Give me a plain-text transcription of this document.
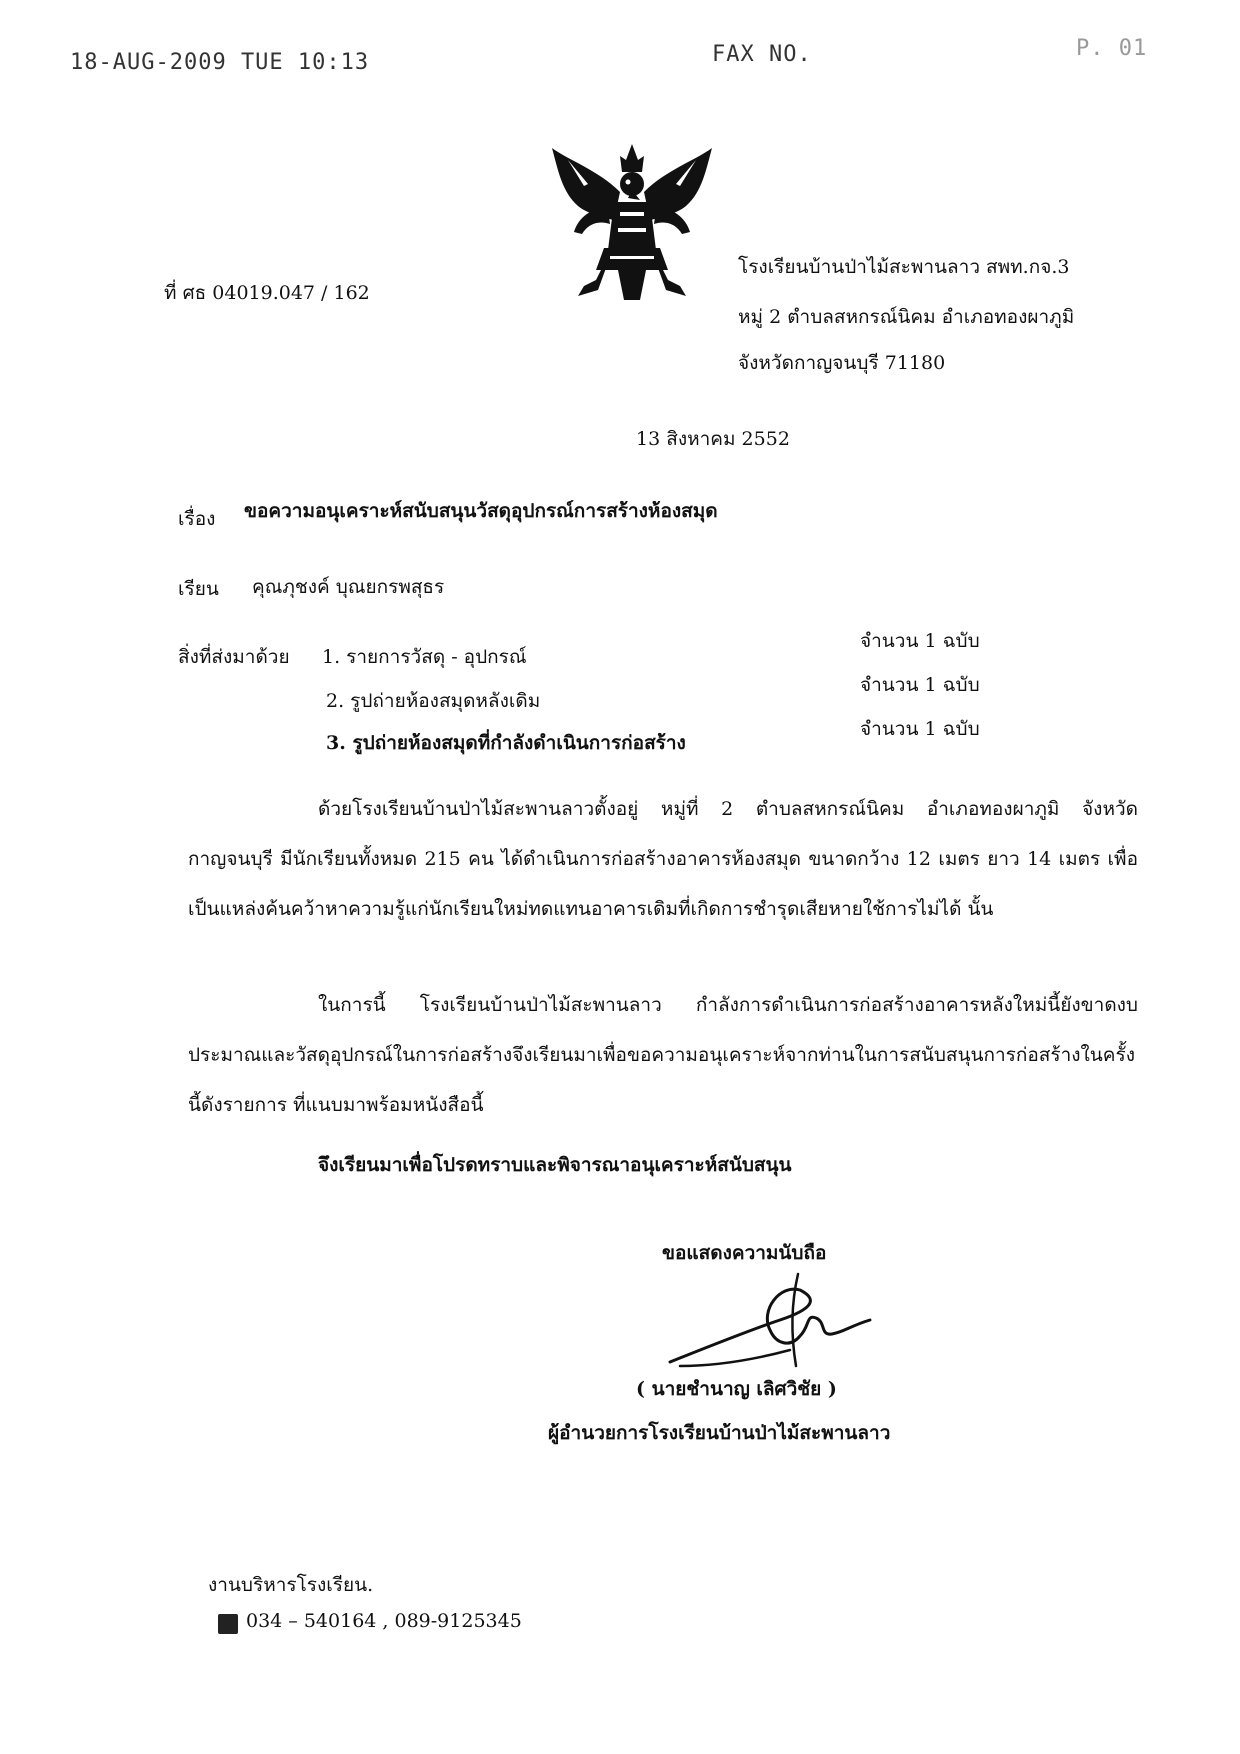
18-AUG-2009 TUE 10:13	FAX NO.	P. 01
ที่ ศธ 04019.047 / 162
โรงเรียนบ้านป่าไม้สะพานลาว สพท.กจ.3
หมู่ 2 ตำบลสหกรณ์นิคม อำเภอทองผาภูมิ
จังหวัดกาญจนบุรี 71180
13 สิงหาคม 2552
เรื่อง ขอความอนุเคราะห์สนับสนุนวัสดุอุปกรณ์การสร้างห้องสมุด
เรียน คุณภุชงค์ บุณยกรพสุธร
สิ่งที่ส่งมาด้วย 1. รายการวัสดุ - อุปกรณ์
จำนวน 1 ฉบับ
2. รูปถ่ายห้องสมุดหลังเดิม
จำนวน 1 ฉบับ
3. รูปถ่ายห้องสมุดที่กำลังดำเนินการก่อสร้าง
จำนวน 1 ฉบับ
ด้วยโรงเรียนบ้านป่าไม้สะพานลาวตั้งอยู่ หมู่ที่ 2 ตำบลสหกรณ์นิคม อำเภอทองผาภูมิ จังหวัดกาญจนบุรี มีนักเรียนทั้งหมด 215 คน ได้ดำเนินการก่อสร้างอาคารห้องสมุด ขนาดกว้าง 12 เมตร ยาว 14 เมตร เพื่อเป็นแหล่งค้นคว้าหาความรู้แก่นักเรียนใหม่ทดแทนอาคารเดิมที่เกิดการชำรุดเสียหายใช้การไม่ได้ นั้น
ในการนี้ โรงเรียนบ้านป่าไม้สะพานลาว กำลังการดำเนินการก่อสร้างอาคารหลังใหม่นี้ยังขาดงบประมาณและวัสดุอุปกรณ์ในการก่อสร้างจึงเรียนมาเพื่อขอความอนุเคราะห์จากท่านในการสนับสนุนการก่อสร้างในครั้งนี้ดังรายการ ที่แนบมาพร้อมหนังสือนี้
จึงเรียนมาเพื่อโปรดทราบและพิจารณาอนุเคราะห์สนับสนุน
ขอแสดงความนับถือ
( นายชำนาญ เลิศวิชัย )
ผู้อำนวยการโรงเรียนบ้านป่าไม้สะพานลาว
งานบริหารโรงเรียน.
034 – 540164 , 089-9125345
